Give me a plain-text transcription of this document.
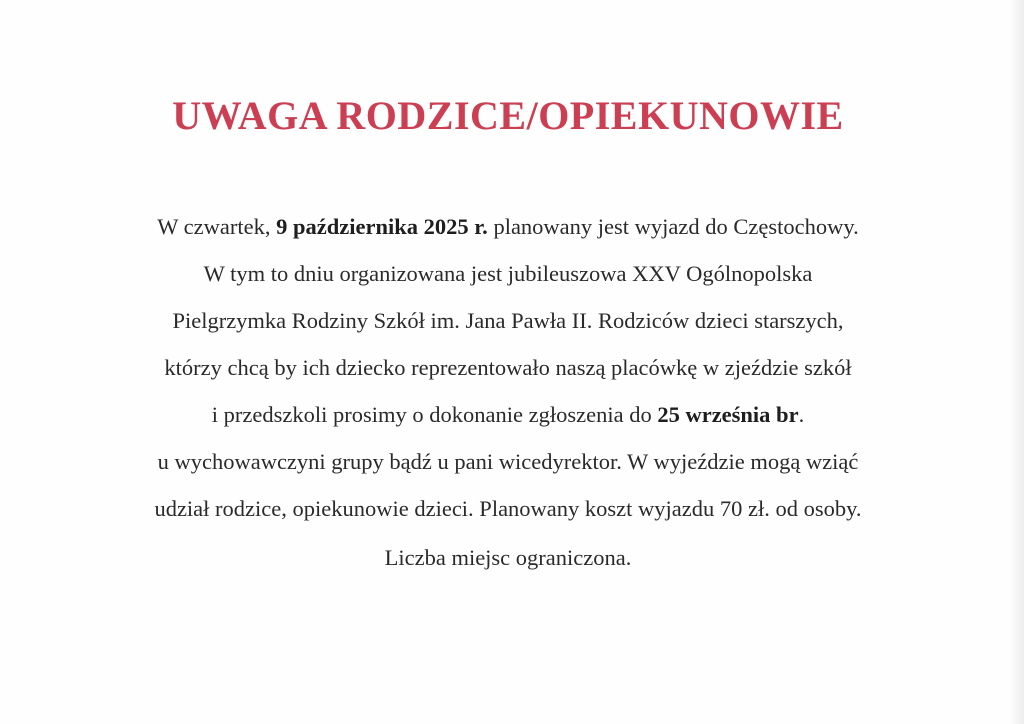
UWAGA RODZICE/OPIEKUNOWIE

W czwartek, 9 października 2025 r. planowany jest wyjazd do Częstochowy.

W tym to dniu organizowana jest jubileuszowa XXV Ogólnopolska

Pielgrzymka Rodziny Szkół im. Jana Pawła II. Rodziców dzieci starszych,

którzy chcą by ich dziecko reprezentowało naszą placówkę w zjeździe szkół

i przedszkoli prosimy o dokonanie zgłoszenia do 25 września br.

u wychowawczyni grupy bądź u pani wicedyrektor. W wyjeździe mogą wziąć

udział rodzice, opiekunowie dzieci. Planowany koszt wyjazdu 70 zł. od osoby.

Liczba miejsc ograniczona.
